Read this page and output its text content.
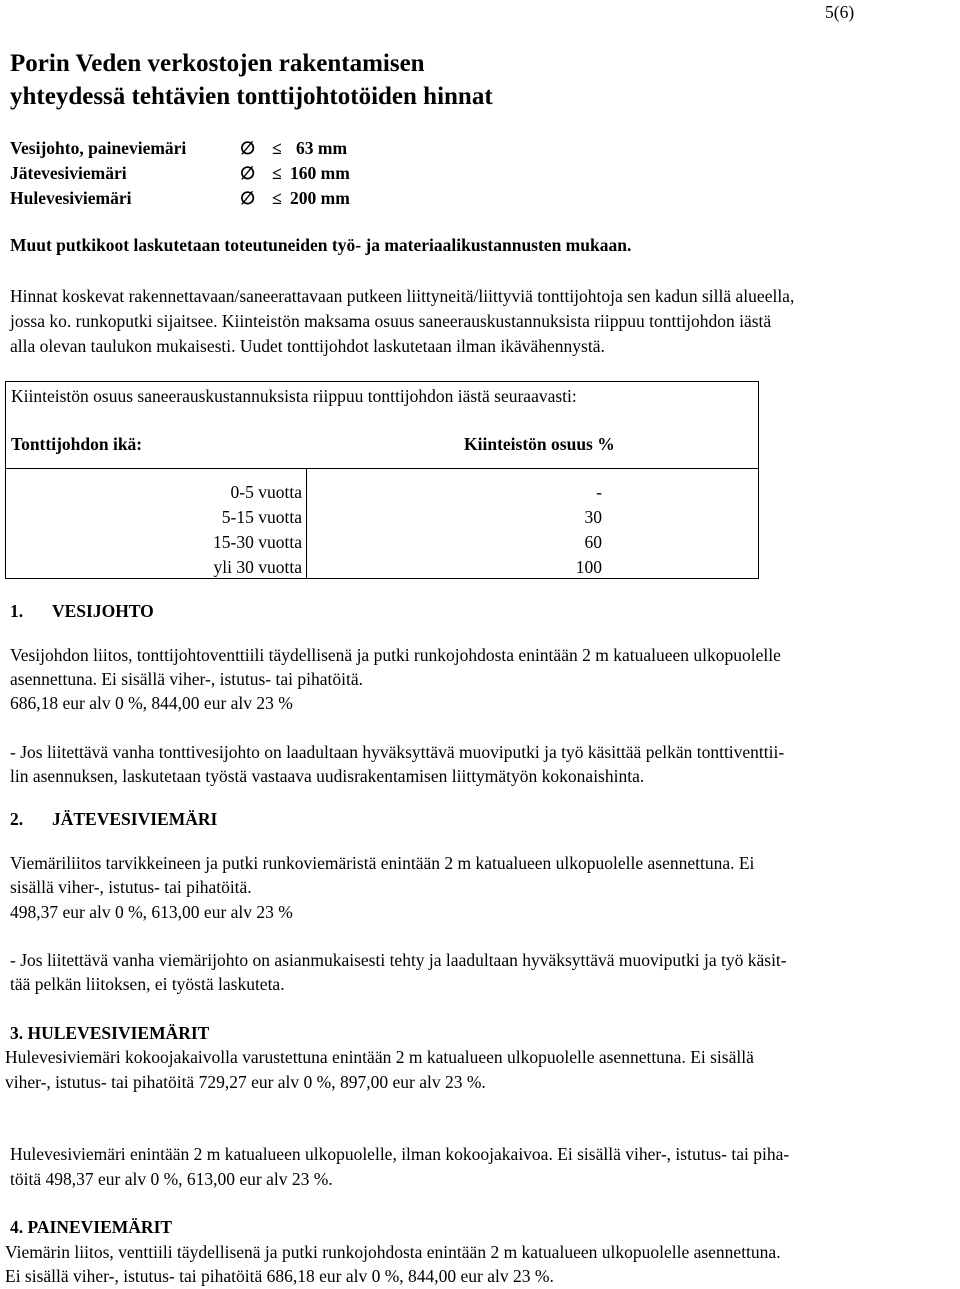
5(6)
Porin Veden verkostojen rakentamisen
yhteydessä tehtävien tonttijohtotöiden hinnat
Vesijohto, paineviemäri	∅ ≤ 63 mm
Jätevesiviemäri	∅ ≤ 160 mm
Hulevesiviemäri	∅ ≤ 200 mm
Muut putkikoot laskutetaan toteutuneiden työ- ja materiaalikustannusten mukaan.
Hinnat koskevat rakennettavaan/saneerattavaan putkeen liittyneitä/liittyviä tonttijohtoja sen kadun sillä alueella,
jossa ko. runkoputki sijaitsee. Kiinteistön maksama osuus saneerauskustannuksista riippuu tonttijohdon iästä
alla olevan taulukon mukaisesti. Uudet tonttijohdot laskutetaan ilman ikävähennystä.
Kiinteistön osuus saneerauskustannuksista riippuu tonttijohdon iästä seuraavasti:
Tonttijohdon ikä:	Kiinteistön osuus %
0-5 vuotta	-
5-15 vuotta	30
15-30 vuotta	60
yli 30 vuotta	100
1. VESIJOHTO
Vesijohdon liitos, tonttijohtoventtiili täydellisenä ja putki runkojohdosta enintään 2 m katualueen ulkopuolelle
asennettuna. Ei sisällä viher-, istutus- tai pihatöitä.
686,18 eur alv 0 %, 844,00 eur alv 23 %
- Jos liitettävä vanha tonttivesijohto on laadultaan hyväksyttävä muoviputki ja työ käsittää pelkän tonttiventtii-
lin asennuksen, laskutetaan työstä vastaava uudisrakentamisen liittymätyön kokonaishinta.
2. JÄTEVESIVIEMÄRI
Viemäriliitos tarvikkeineen ja putki runkoviemäristä enintään 2 m katualueen ulkopuolelle asennettuna. Ei
sisällä viher-, istutus- tai pihatöitä.
498,37 eur alv 0 %, 613,00 eur alv 23 %
- Jos liitettävä vanha viemärijohto on asianmukaisesti tehty ja laadultaan hyväksyttävä muoviputki ja työ käsit-
tää pelkän liitoksen, ei työstä laskuteta.
3. HULEVESIVIEMÄRIT
Hulevesiviemäri kokoojakaivolla varustettuna enintään 2 m katualueen ulkopuolelle asennettuna. Ei sisällä
viher-, istutus- tai pihatöitä 729,27 eur alv 0 %, 897,00 eur alv 23 %.
Hulevesiviemäri enintään 2 m katualueen ulkopuolelle, ilman kokoojakaivoa. Ei sisällä viher-, istutus- tai piha-
töitä 498,37 eur alv 0 %, 613,00 eur alv 23 %.
4. PAINEVIEMÄRIT
Viemärin liitos, venttiili täydellisenä ja putki runkojohdosta enintään 2 m katualueen ulkopuolelle asennettuna.
Ei sisällä viher-, istutus- tai pihatöitä 686,18 eur alv 0 %, 844,00 eur alv 23 %.
